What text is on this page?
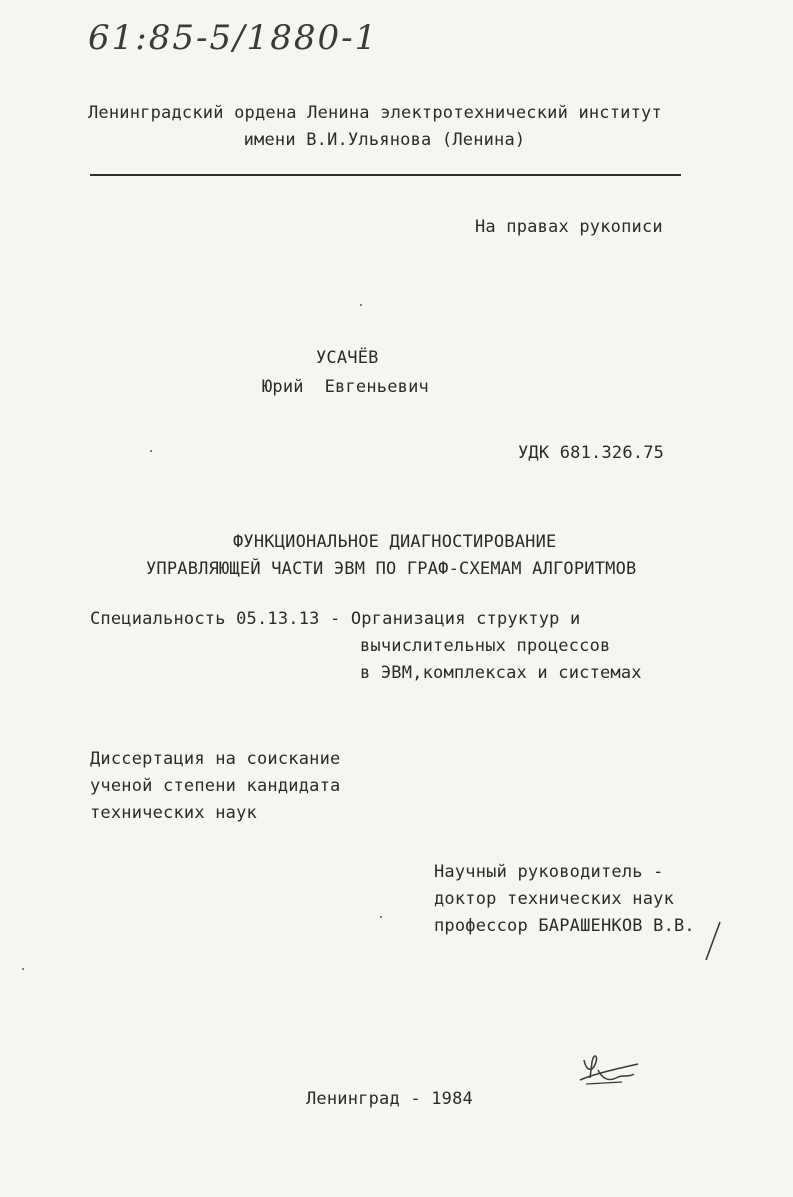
61:85-5/1880-1
Ленинградский ордена Ленина электротехнический институт
имени В.И.Ульянова (Ленина)
На правах рукописи
УСАЧЁВ
Юрий  Евгеньевич
УДК 681.326.75
ФУНКЦИОНАЛЬНОЕ ДИАГНОСТИРОВАНИЕ
УПРАВЛЯЮЩЕЙ ЧАСТИ ЭВМ ПО ГРАФ-СХЕМАМ АЛГОРИТМОВ
Специальность 05.13.13 - Организация структур и
вычислительных процессов
в ЭВМ,комплексах и системах
Диссертация на соискание
ученой степени кандидата
технических наук
Научный руководитель -
доктор технических наук
профессор БАРАШЕНКОВ В.В.
Ленинград - 1984
